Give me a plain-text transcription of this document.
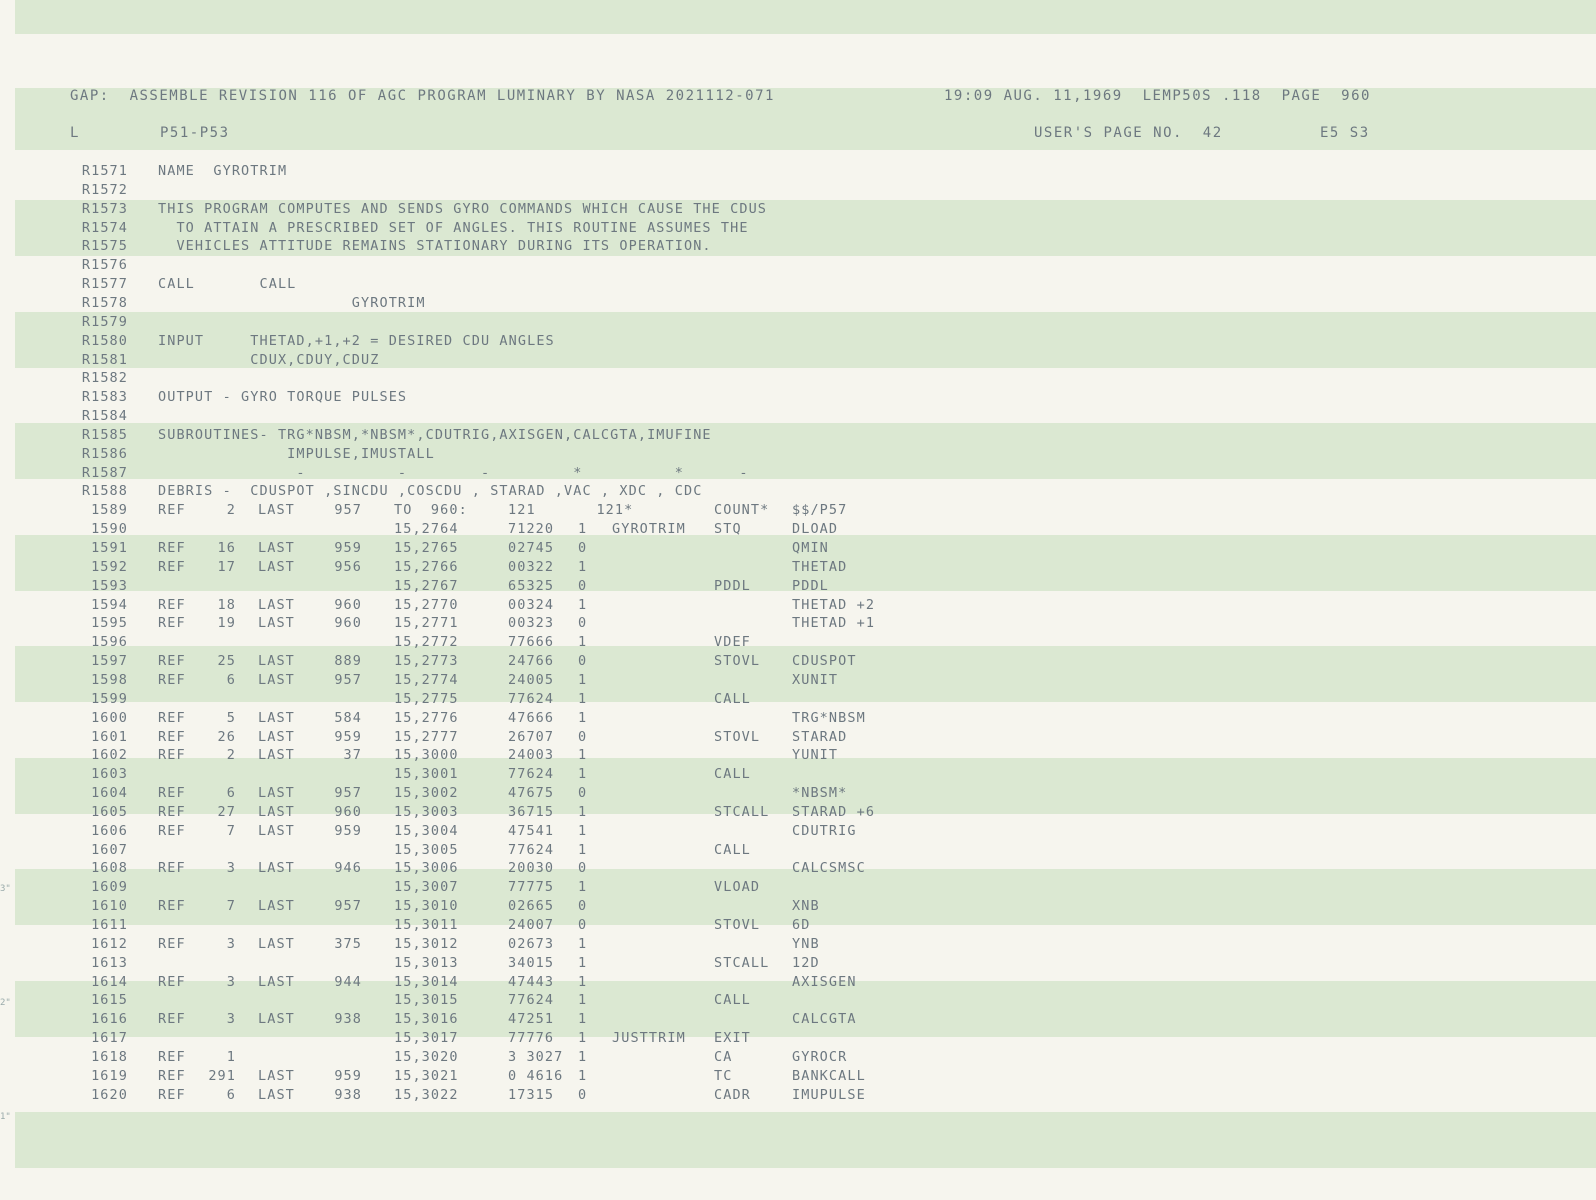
3"
2"
1"
GAP:  ASSEMBLE REVISION 116 OF AGC PROGRAM LUMINARY BY NASA 2021112-071	19:09 AUG. 11,1969  LEMP50S .118  PAGE  960
L	P51-P53	USER'S PAGE NO.  42	E5 S3
R1571 NAME  GYROTRIM
R1572
R1573 THIS PROGRAM COMPUTES AND SENDS GYRO COMMANDS WHICH CAUSE THE CDUS
R1574 TO ATTAIN A PRESCRIBED SET OF ANGLES. THIS ROUTINE ASSUMES THE
R1575 VEHICLES ATTITUDE REMAINS STATIONARY DURING ITS OPERATION.
R1576
R1577 CALL       CALL
R1578 GYROTRIM
R1579
R1580 INPUT     THETAD,+1,+2 = DESIRED CDU ANGLES
R1581 CDUX,CDUY,CDUZ
R1582
R1583 OUTPUT - GYRO TORQUE PULSES
R1584
R1585 SUBROUTINES- TRG*NBSM,*NBSM*,CDUTRIG,AXISGEN,CALCGTA,IMUFINE
R1586 IMPULSE,IMUSTALL
R1587 -          -        -         *          *      -
R1588 DEBRIS -  CDUSPOT ,SINCDU ,COSCDU , STARAD ,VAC , XDC , CDC
1589 REF	2 LAST	957 TO  960:	121	121*	COUNT* $$/P57
1590	15,2764	71220 1 GYROTRIM STQ	DLOAD
1591 REF	16 LAST	959 15,2765	02745 0	QMIN
1592 REF	17 LAST	956 15,2766	00322 1	THETAD
1593	15,2767	65325 0	PDDL	PDDL
1594 REF	18 LAST	960 15,2770	00324 1	THETAD +2
1595 REF	19 LAST	960 15,2771	00323 0	THETAD +1
1596	15,2772	77666 1	VDEF
1597 REF	25 LAST	889 15,2773	24766 0	STOVL CDUSPOT
1598 REF	6 LAST	957 15,2774	24005 1	XUNIT
1599	15,2775	77624 1	CALL
1600 REF	5 LAST	584 15,2776	47666 1	TRG*NBSM
1601 REF	26 LAST	959 15,2777	26707 0	STOVL STARAD
1602 REF	2 LAST	37 15,3000	24003 1	YUNIT
1603	15,3001	77624 1	CALL
1604 REF	6 LAST	957 15,3002	47675 0	*NBSM*
1605 REF	27 LAST	960 15,3003	36715 1	STCALL STARAD +6
1606 REF	7 LAST	959 15,3004	47541 1	CDUTRIG
1607	15,3005	77624 1	CALL
1608 REF	3 LAST	946 15,3006	20030 0	CALCSMSC
1609	15,3007	77775 1	VLOAD
1610 REF	7 LAST	957 15,3010	02665 0	XNB
1611	15,3011	24007 0	STOVL 6D
1612 REF	3 LAST	375 15,3012	02673 1	YNB
1613	15,3013	34015 1	STCALL 12D
1614 REF	3 LAST	944 15,3014	47443 1	AXISGEN
1615	15,3015	77624 1	CALL
1616 REF	3 LAST	938 15,3016	47251 1	CALCGTA
1617	15,3017	77776 1 JUSTTRIM EXIT
1618 REF	1	15,3020	3 3027 1	CA	GYROCR
1619 REF	291 LAST	959 15,3021	0 4616 1	TC	BANKCALL
1620 REF	6 LAST	938 15,3022	17315 0	CADR	IMUPULSE
